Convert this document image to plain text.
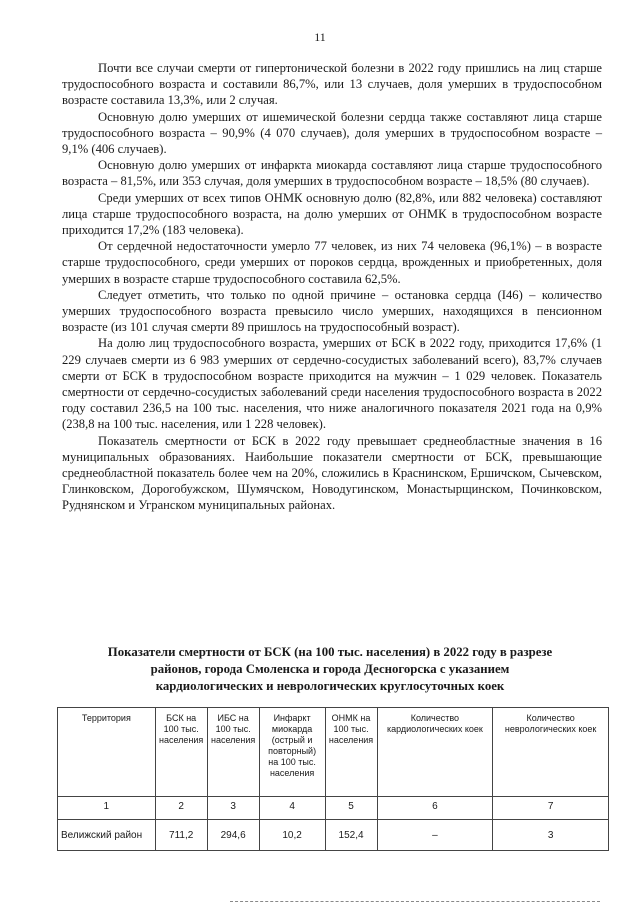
11

Почти все случаи смерти от гипертонической болезни в 2022 году пришлись на лиц старше трудоспособного возраста и составили 86,7%, или 13 случаев, доля умерших в трудоспособном возрасте составила 13,3%, или 2 случая.

Основную долю умерших от ишемической болезни сердца также составляют лица старше трудоспособного возраста – 90,9% (4 070 случаев), доля умерших в трудоспособном возрасте – 9,1% (406 случаев).

Основную долю умерших от инфаркта миокарда составляют лица старше трудоспособного возраста – 81,5%, или 353 случая, доля умерших в трудоспособном возрасте – 18,5% (80 случаев).

Среди умерших от всех типов ОНМК основную долю (82,8%, или 882 человека) составляют лица старше трудоспособного возраста, на долю умерших от ОНМК в трудоспособном возрасте приходится 17,2% (183 человека).

От сердечной недостаточности умерло 77 человек, из них 74 человека (96,1%) – в возрасте старше трудоспособного, среди умерших от пороков сердца, врожденных и приобретенных, доля умерших в возрасте старше трудоспособного составила 62,5%.

Следует отметить, что только по одной причине – остановка сердца (I46) – количество умерших трудоспособного возраста превысило число умерших, находящихся в пенсионном возрасте (из 101 случая смерти 89 пришлось на трудоспособный возраст).

На долю лиц трудоспособного возраста, умерших от БСК в 2022 году, приходится 17,6% (1 229 случаев смерти из 6 983 умерших от сердечно-сосудистых заболеваний всего), 83,7% случаев смерти от БСК в трудоспособном возрасте приходится на мужчин – 1 029 человек. Показатель смертности от сердечно-сосудистых заболеваний среди населения трудоспособного возраста в 2022 году составил 236,5 на 100 тыс. населения, что ниже аналогичного показателя 2021 года на 0,9% (238,8 на 100 тыс. населения, или 1 228 человек).

Показатель смертности от БСК в 2022 году превышает среднеобластные значения в 16 муниципальных образованиях. Наибольшие показатели смертности от БСК, превышающие среднеобластной показатель более чем на 20%, сложились в Краснинском, Ершичском, Сычевском, Глинковском, Дорогобужском, Шумячском, Новодугинском, Монастырщинском, Починковском, Руднянском и Угранском муниципальных районах.

Показатели смертности от БСК (на 100 тыс. населения) в 2022 году в разрезе районов, города Смоленска и города Десногорска с указанием кардиологических и неврологических круглосуточных коек
Территория	БСК на 100 тыс. населения	ИБС на 100 тыс. населения	Инфаркт миокарда (острый и повторный) на 100 тыс. населения	ОНМК на 100 тыс. населения	Количество кардиологических коек	Количество неврологических коек
1	2	3	4	5	6	7
Велижский район	711,2	294,6	10,2	152,4	–	3
